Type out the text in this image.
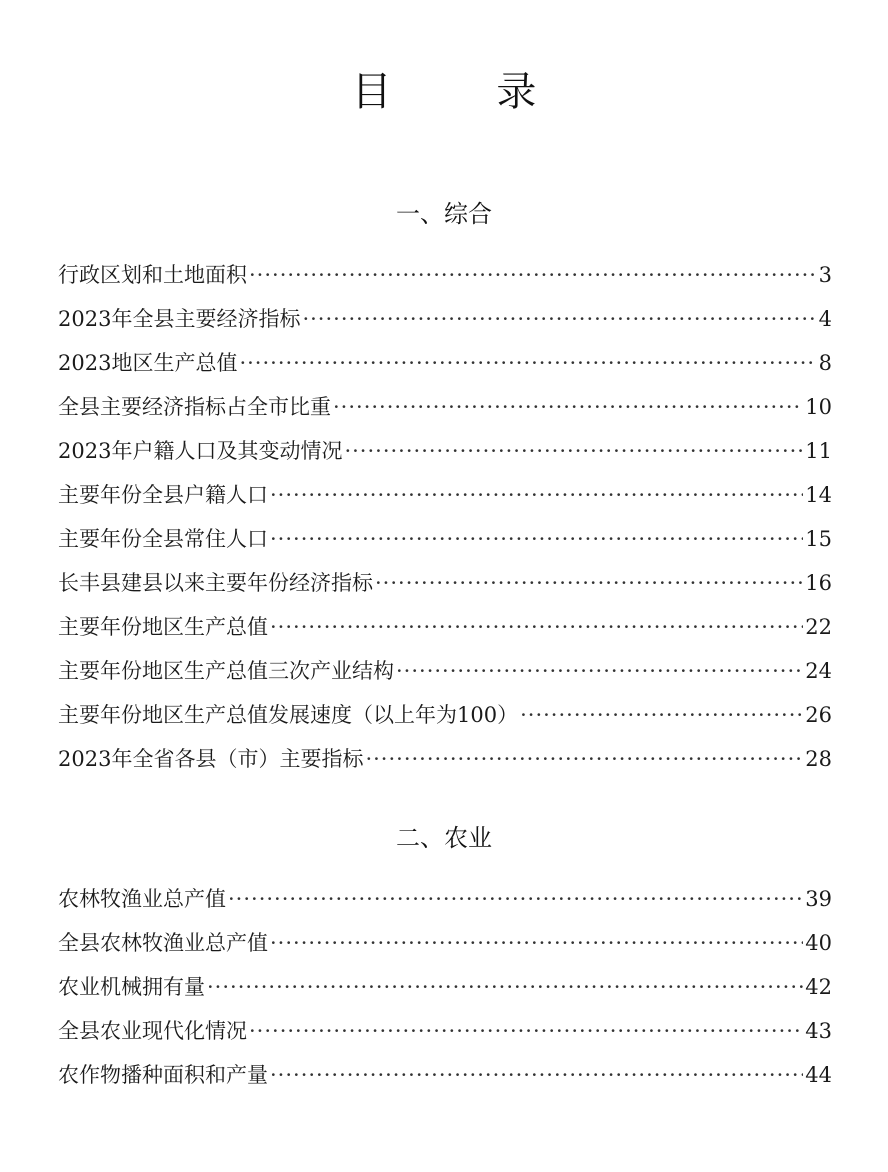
目 录
一、综合
行政区划和土地面积 ·····	3
2023年全县主要经济指标 ·····	4
2023地区生产总值 ·····	8
全县主要经济指标占全市比重 ·····	10
2023年户籍人口及其变动情况 ·····	11
主要年份全县户籍人口 ·····	14
主要年份全县常住人口 ·····	15
长丰县建县以来主要年份经济指标 ·····	16
主要年份地区生产总值 ·····	22
主要年份地区生产总值三次产业结构 ·····	24
主要年份地区生产总值发展速度（以上年为100） ·····	26
2023年全省各县（市）主要指标 ·····	28
二、农业
农林牧渔业总产值 ·····	39
全县农林牧渔业总产值 ·····	40
农业机械拥有量 ·····	42
全县农业现代化情况 ·····	43
农作物播种面积和产量 ·····	44
